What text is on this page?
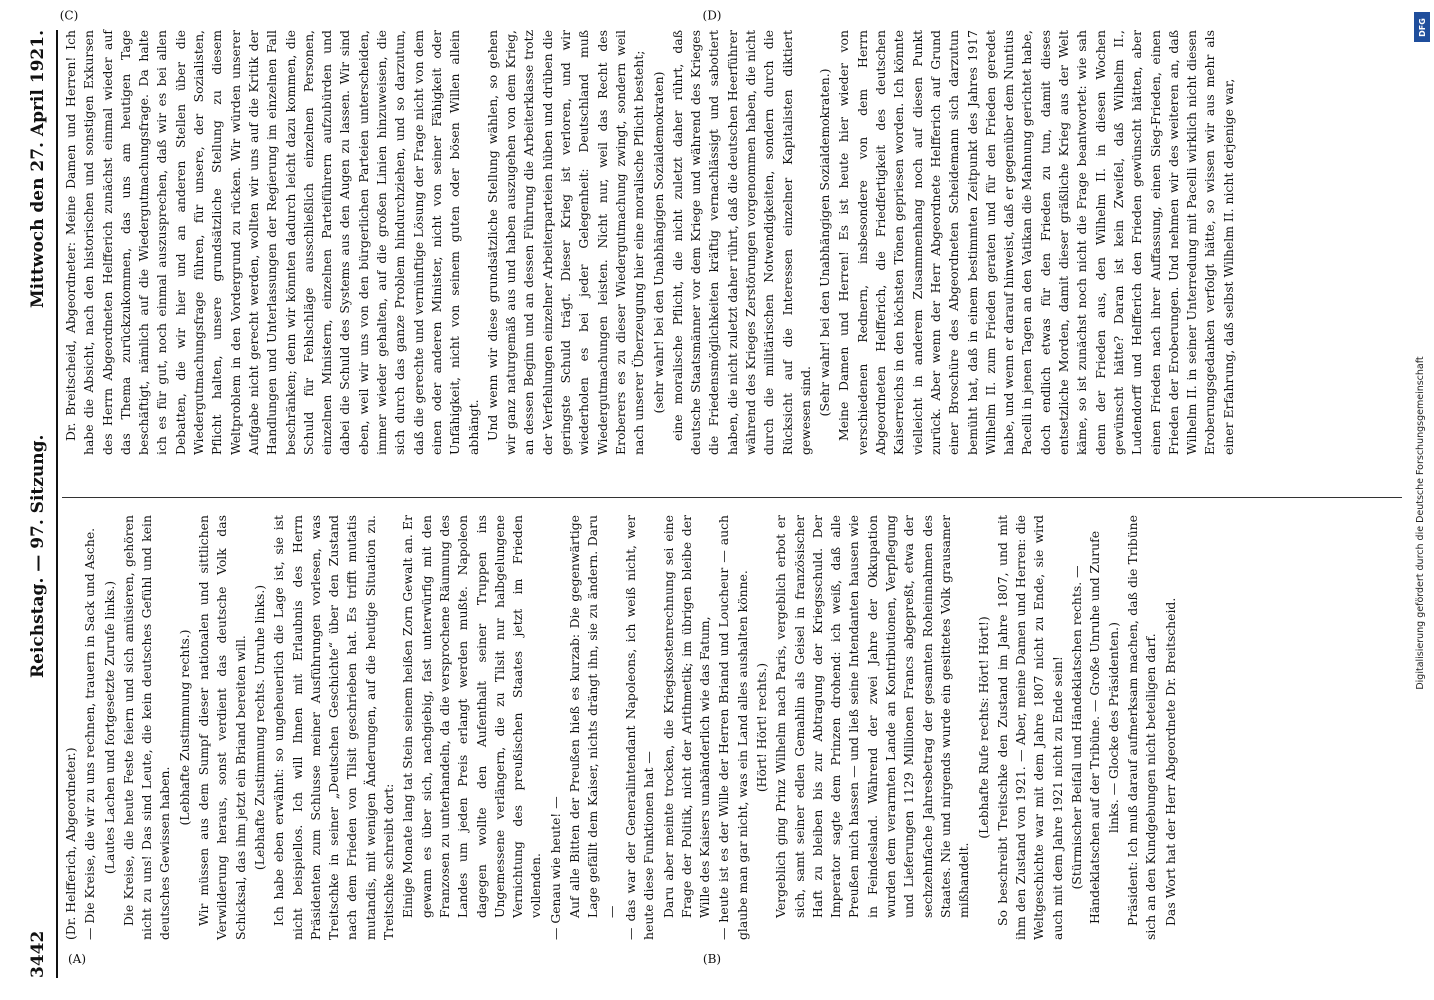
3442
Reichstag. — 97. Sitzung.
Mittwoch den 27. April 1921.
(A)	(B)
(C)	(D)

(Dr. Helfferich, Abgeordneter.) — Die Kreise, die wir zu uns rechnen, trauern in Sack und Asche. (Lautes Lachen und fortgesetzte Zurufe links.) Die Kreise, die heute Feste feiern und sich amüsieren, gehören nicht zu uns! Das sind Leute, die kein deutsches Gefühl und kein deutsches Gewissen haben.

(Lebhafte Zustimmung rechts.) Wir müssen aus dem Sumpf dieser nationalen und sittlichen Verwilderung heraus, sonst verdient das deutsche Volk das Schicksal, das ihm jetzt ein Briand bereiten will. (Lebhafte Zustimmung rechts. Unruhe links.) Ich habe eben erwähnt: so ungeheuerlich die Lage ist, sie ist nicht beispiellos. Ich will Ihnen mit Erlaubnis des Herrn Präsidenten zum Schlusse meiner Ausführungen vorlesen, was Treitschke in seiner „Deutschen Geschichte“ über den Zustand nach dem Frieden von Tilsit geschrieben hat. Es trifft mutatis mutandis, mit wenigen Änderungen, auf die heutige Situation zu. Treitschke schreibt dort: Einige Monate lang tat Stein seinem heißen Zorn Gewalt an. Er gewann es über sich, nachgiebig, fast unterwürfig mit den Franzosen zu unterhandeln, da die versprochene Räumung des Landes um jeden Preis erlangt werden mußte. Napoleon dagegen wollte den Aufenthalt seiner Truppen ins Ungemessene verlängern, die zu Tilsit nur halbgelungene Vernichtung des preußischen Staates jetzt im Frieden vollenden. — Genau wie heute! — Auf alle Bitten der Preußen hieß es kurzab: Die gegenwärtige Lage gefällt dem Kaiser, nichts drängt ihn, sie zu ändern. Daru — — das war der Generalintendant Napoleons, ich weiß nicht, wer heute diese Funktionen hat — Daru aber meinte trocken, die Kriegskostenrechnung sei eine Frage der Politik, nicht der Arithmetik; im übrigen bleibe der Wille des Kaisers unabänderlich wie das Fatum, — heute ist es der Wille der Herren Briand und Loucheur — auch glaube man gar nicht, was ein Land alles aushalten könne. (Hört! Hört! rechts.) Vergeblich ging Prinz Wilhelm nach Paris, vergeblich erbot er sich, samt seiner edlen Gemahlin als Geisel in französischer Haft zu bleiben bis zur Abtragung der Kriegsschuld. Der Imperator sagte dem Prinzen drohend: ich weiß, daß alle Preußen mich hassen — und ließ seine Intendanten hausen wie in Feindesland. Während der zwei Jahre der Okkupation wurden dem verarmten Lande an Kontributionen, Verpflegung und Lieferungen 1129 Millionen Francs abgepreßt, etwa der sechzehnfache Jahresbetrag der gesamten Roheinnahmen des Staates. Nie und nirgends wurde ein gesittetes Volk grausamer mißhandelt.

(Lebhafte Rufe rechts: Hört! Hört!) So beschreibt Treitschke den Zustand im Jahre 1807, und mit ihm den Zustand von 1921. — Aber, meine Damen und Herren: die Weltgeschichte war mit dem Jahre 1807 nicht zu Ende, sie wird auch mit dem Jahre 1921 nicht zu Ende sein! (Stürmischer Beifall und Händeklatschen rechts. — Händeklatschen auf der Tribüne. — Große Unruhe und Zurufe links. — Glocke des Präsidenten.) Präsident: Ich muß darauf aufmerksam machen, daß die Tribüne sich an den Kundgebungen nicht beteiligen darf. Das Wort hat der Herr Abgeordnete Dr. Breitscheid.

Dr. Breitscheid, Abgeordneter: Meine Damen und Herren! Ich habe die Absicht, nach den historischen und sonstigen Exkursen des Herrn Abgeordneten Helfferich zunächst einmal wieder auf das Thema zurückzukommen, das uns am heutigen Tage beschäftigt, nämlich auf die Wiedergutmachungsfrage. Da halte ich es für gut, noch einmal auszusprechen, daß wir es bei allen Debatten, die wir hier und an anderen Stellen über die Wiedergutmachungsfrage führen, für unsere, der Sozialisten, Pflicht halten, unsere grundsätzliche Stellung zu diesem Weltproblem in den Vordergrund zu rücken. Wir würden unserer Aufgabe nicht gerecht werden, wollten wir uns auf die Kritik der Handlungen und Unterlassungen der Regierung im einzelnen Fall beschränken; denn wir könnten dadurch leicht dazu kommen, die Schuld für Fehlschläge ausschließlich einzelnen Personen, einzelnen Ministern, einzelnen Parteiführern aufzubürden und dabei die Schuld des Systems aus den Augen zu lassen. Wir sind eben, weil wir uns von den bürgerlichen Parteien unterscheiden, immer wieder gehalten, auf die großen Linien hinzuweisen, die sich durch das ganze Problem hindurchziehen, und so darzutun, daß die gerechte und vernünftige Lösung der Frage nicht von dem einen oder anderen Minister, nicht von seiner Fähigkeit oder Unfähigkeit, nicht von seinem guten oder bösen Willen allein abhängt. Und wenn wir diese grundsätzliche Stellung wählen, so gehen wir ganz naturgemäß aus und haben auszugehen von dem Krieg, an dessen Beginn und an dessen Führung die Arbeiterklasse trotz der Verfehlungen einzelner Arbeiterparteien hüben und drüben die geringste Schuld trägt. Dieser Krieg ist verloren, und wir wiederholen es bei jeder Gelegenheit: Deutschland muß Wiedergutmachungen leisten. Nicht nur, weil das Recht des Eroberers es zu dieser Wiedergutmachung zwingt, sondern weil nach unserer Überzeugung hier eine moralische Pflicht besteht; (sehr wahr! bei den Unabhängigen Sozialdemokraten) eine moralische Pflicht, die nicht zuletzt daher rührt, daß deutsche Staatsmänner vor dem Kriege und während des Krieges die Friedensmöglichkeiten kräftig vernachlässigt und sabotiert haben, die nicht zuletzt daher rührt, daß die deutschen Heerführer während des Krieges Zerstörungen vorgenommen haben, die nicht durch die militärischen Notwendigkeiten, sondern durch die Rücksicht auf die Interessen einzelner Kapitalisten diktiert gewesen sind. (Sehr wahr! bei den Unabhängigen Sozialdemokraten.) Meine Damen und Herren! Es ist heute hier wieder von verschiedenen Rednern, insbesondere von dem Herrn Abgeordneten Helfferich, die Friedfertigkeit des deutschen Kaiserreichs in den höchsten Tönen gepriesen worden. Ich könnte vielleicht in anderem Zusammenhang noch auf diesen Punkt zurück. Aber wenn der Herr Abgeordnete Helfferich auf Grund einer Broschüre des Abgeordneten Scheidemann sich darzutun bemüht hat, daß in einem bestimmten Zeitpunkt des Jahres 1917 Wilhelm II. zum Frieden geraten und für den Frieden geredet habe, und wenn er darauf hinweist, daß er gegenüber dem Nuntius Pacelli in jenen Tagen an den Vatikan die Mahnung gerichtet habe, doch endlich etwas für den Frieden zu tun, damit dieses entsetzliche Morden, damit dieser gräßliche Krieg aus der Welt käme, so ist zunächst noch nicht die Frage beantwortet: wie sah denn der Frieden aus, den Wilhelm II. in diesen Wochen gewünscht hätte? Daran ist kein Zweifel, daß Wilhelm II., Ludendorff und Helfferich den Frieden gewünscht hätten, aber einen Frieden nach ihrer Auffassung, einen Sieg-Frieden, einen Frieden der Eroberungen. Und nehmen wir des weiteren an, daß Wilhelm II. in seiner Unterredung mit Pacelli wirklich nicht diesen Eroberungsgedanken verfolgt hätte, so wissen wir aus mehr als einer Erfahrung, daß selbst Wilhelm II. nicht derjenige war,

DFG
Digitalisierung gefördert durch die Deutsche Forschungsgemeinschaft
